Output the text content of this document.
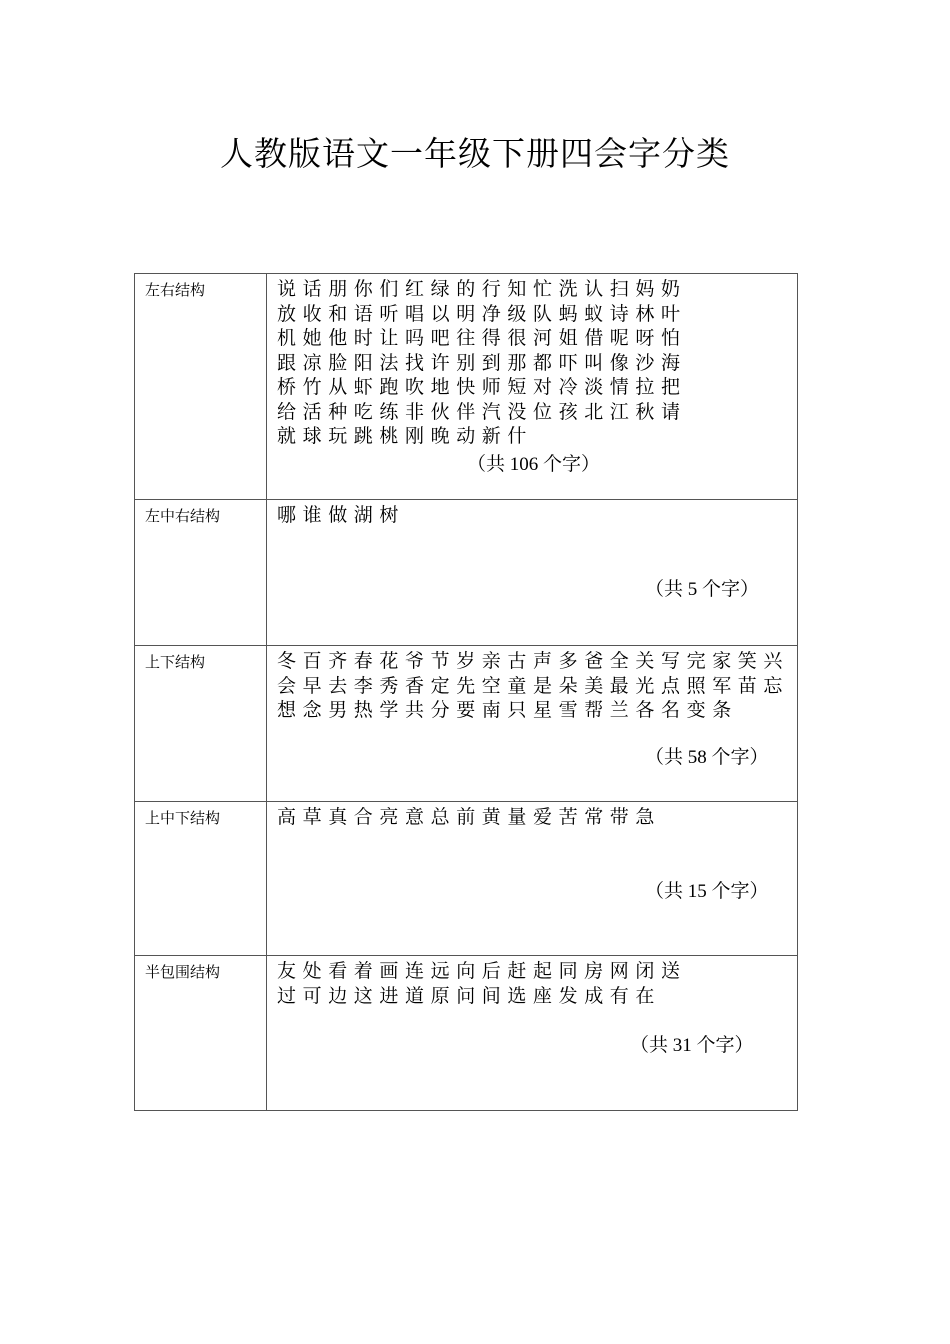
人教版语文一年级下册四会字分类
左右结构	说话朋你们红绿的行知忙洗认扫妈奶放收和语听唱以明净级队蚂蚁诗林叶机她他时让吗吧往得很河姐借呢呀怕跟凉脸阳法找许别到那都吓叫像沙海桥竹从虾跑吹地快师短对冷淡情拉把给活种吃练非伙伴汽没位孩北江秋请就球玩跳桃刚晚动新什
（共 106 个字）

左中右结构	哪谁做湖树
（共 5 个字）

上下结构	冬百齐春花爷节岁亲古声多爸全关写完家笑兴会早去李秀香定先空童是朵美最光点照军苗忘想念男热学共分要南只星雪帮兰各名变条
（共 58 个字）

上中下结构	高草真合亮意总前黄量爱苦常带急
（共 15 个字）

半包围结构	友处看着画连远向后赶起同房网闭送过可边这进道原问间选座发成有在
（共 31 个字）
